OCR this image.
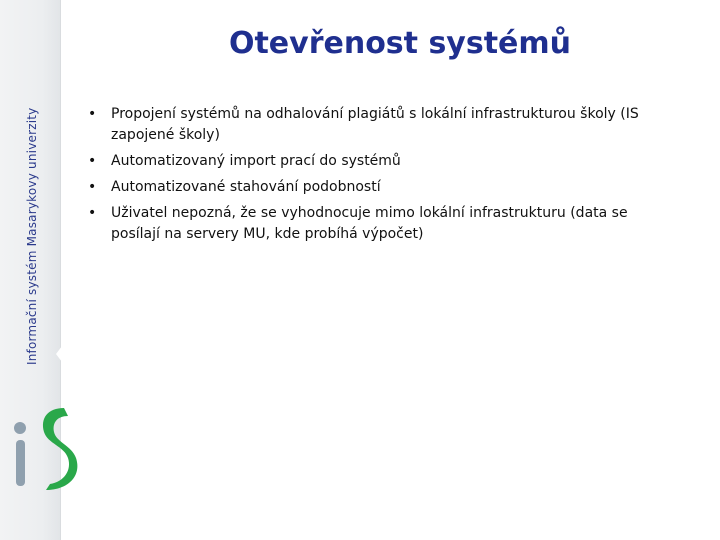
Informační systém Masarykovy univerzity
Otevřenost systémů
• Propojení systémů na odhalování plagiátů s lokální infrastrukturou školy (IS zapojené školy)
• Automatizovaný import prací do systémů
• Automatizované stahování podobností
• Uživatel nepozná, že se vyhodnocuje mimo lokální infrastrukturu (data se posílají na servery MU, kde probíhá výpočet)
